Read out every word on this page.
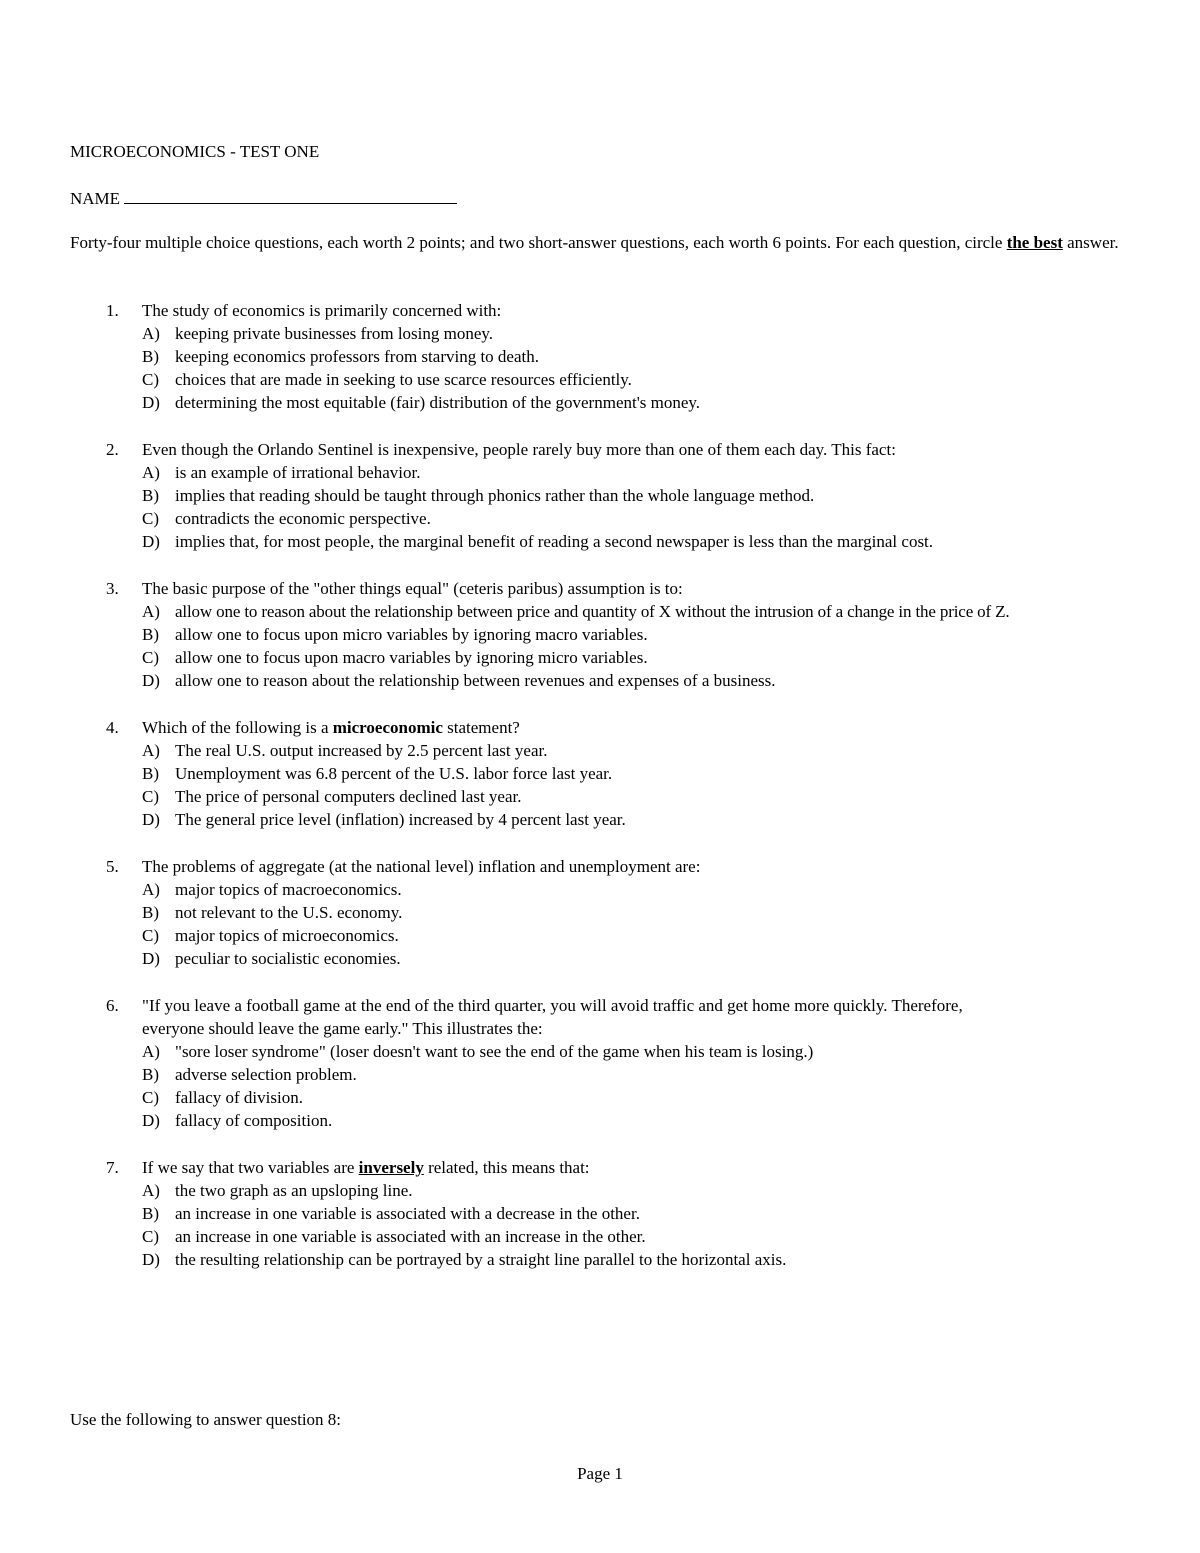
MICROECONOMICS - TEST ONE
NAME
Forty-four multiple choice questions, each worth 2 points; and two short-answer questions, each worth 6 points. For each question, circle the best answer.
1. The study of economics is primarily concerned with:
A) keeping private businesses from losing money.
B) keeping economics professors from starving to death.
C) choices that are made in seeking to use scarce resources efficiently.
D) determining the most equitable (fair) distribution of the government's money.
2. Even though the Orlando Sentinel is inexpensive, people rarely buy more than one of them each day. This fact:
A) is an example of irrational behavior.
B) implies that reading should be taught through phonics rather than the whole language method.
C) contradicts the economic perspective.
D) implies that, for most people, the marginal benefit of reading a second newspaper is less than the marginal cost.
3. The basic purpose of the "other things equal" (ceteris paribus) assumption is to:
A) allow one to reason about the relationship between price and quantity of X without the intrusion of a change in the price of Z.
B) allow one to focus upon micro variables by ignoring macro variables.
C) allow one to focus upon macro variables by ignoring micro variables.
D) allow one to reason about the relationship between revenues and expenses of a business.
4. Which of the following is a microeconomic statement?
A) The real U.S. output increased by 2.5 percent last year.
B) Unemployment was 6.8 percent of the U.S. labor force last year.
C) The price of personal computers declined last year.
D) The general price level (inflation) increased by 4 percent last year.
5. The problems of aggregate (at the national level) inflation and unemployment are:
A) major topics of macroeconomics.
B) not relevant to the U.S. economy.
C) major topics of microeconomics.
D) peculiar to socialistic economies.
6. "If you leave a football game at the end of the third quarter, you will avoid traffic and get home more quickly. Therefore,
everyone should leave the game early." This illustrates the:
A) "sore loser syndrome" (loser doesn't want to see the end of the game when his team is losing.)
B) adverse selection problem.
C) fallacy of division.
D) fallacy of composition.
7. If we say that two variables are inversely related, this means that:
A) the two graph as an upsloping line.
B) an increase in one variable is associated with a decrease in the other.
C) an increase in one variable is associated with an increase in the other.
D) the resulting relationship can be portrayed by a straight line parallel to the horizontal axis.
Use the following to answer question 8:
Page 1
